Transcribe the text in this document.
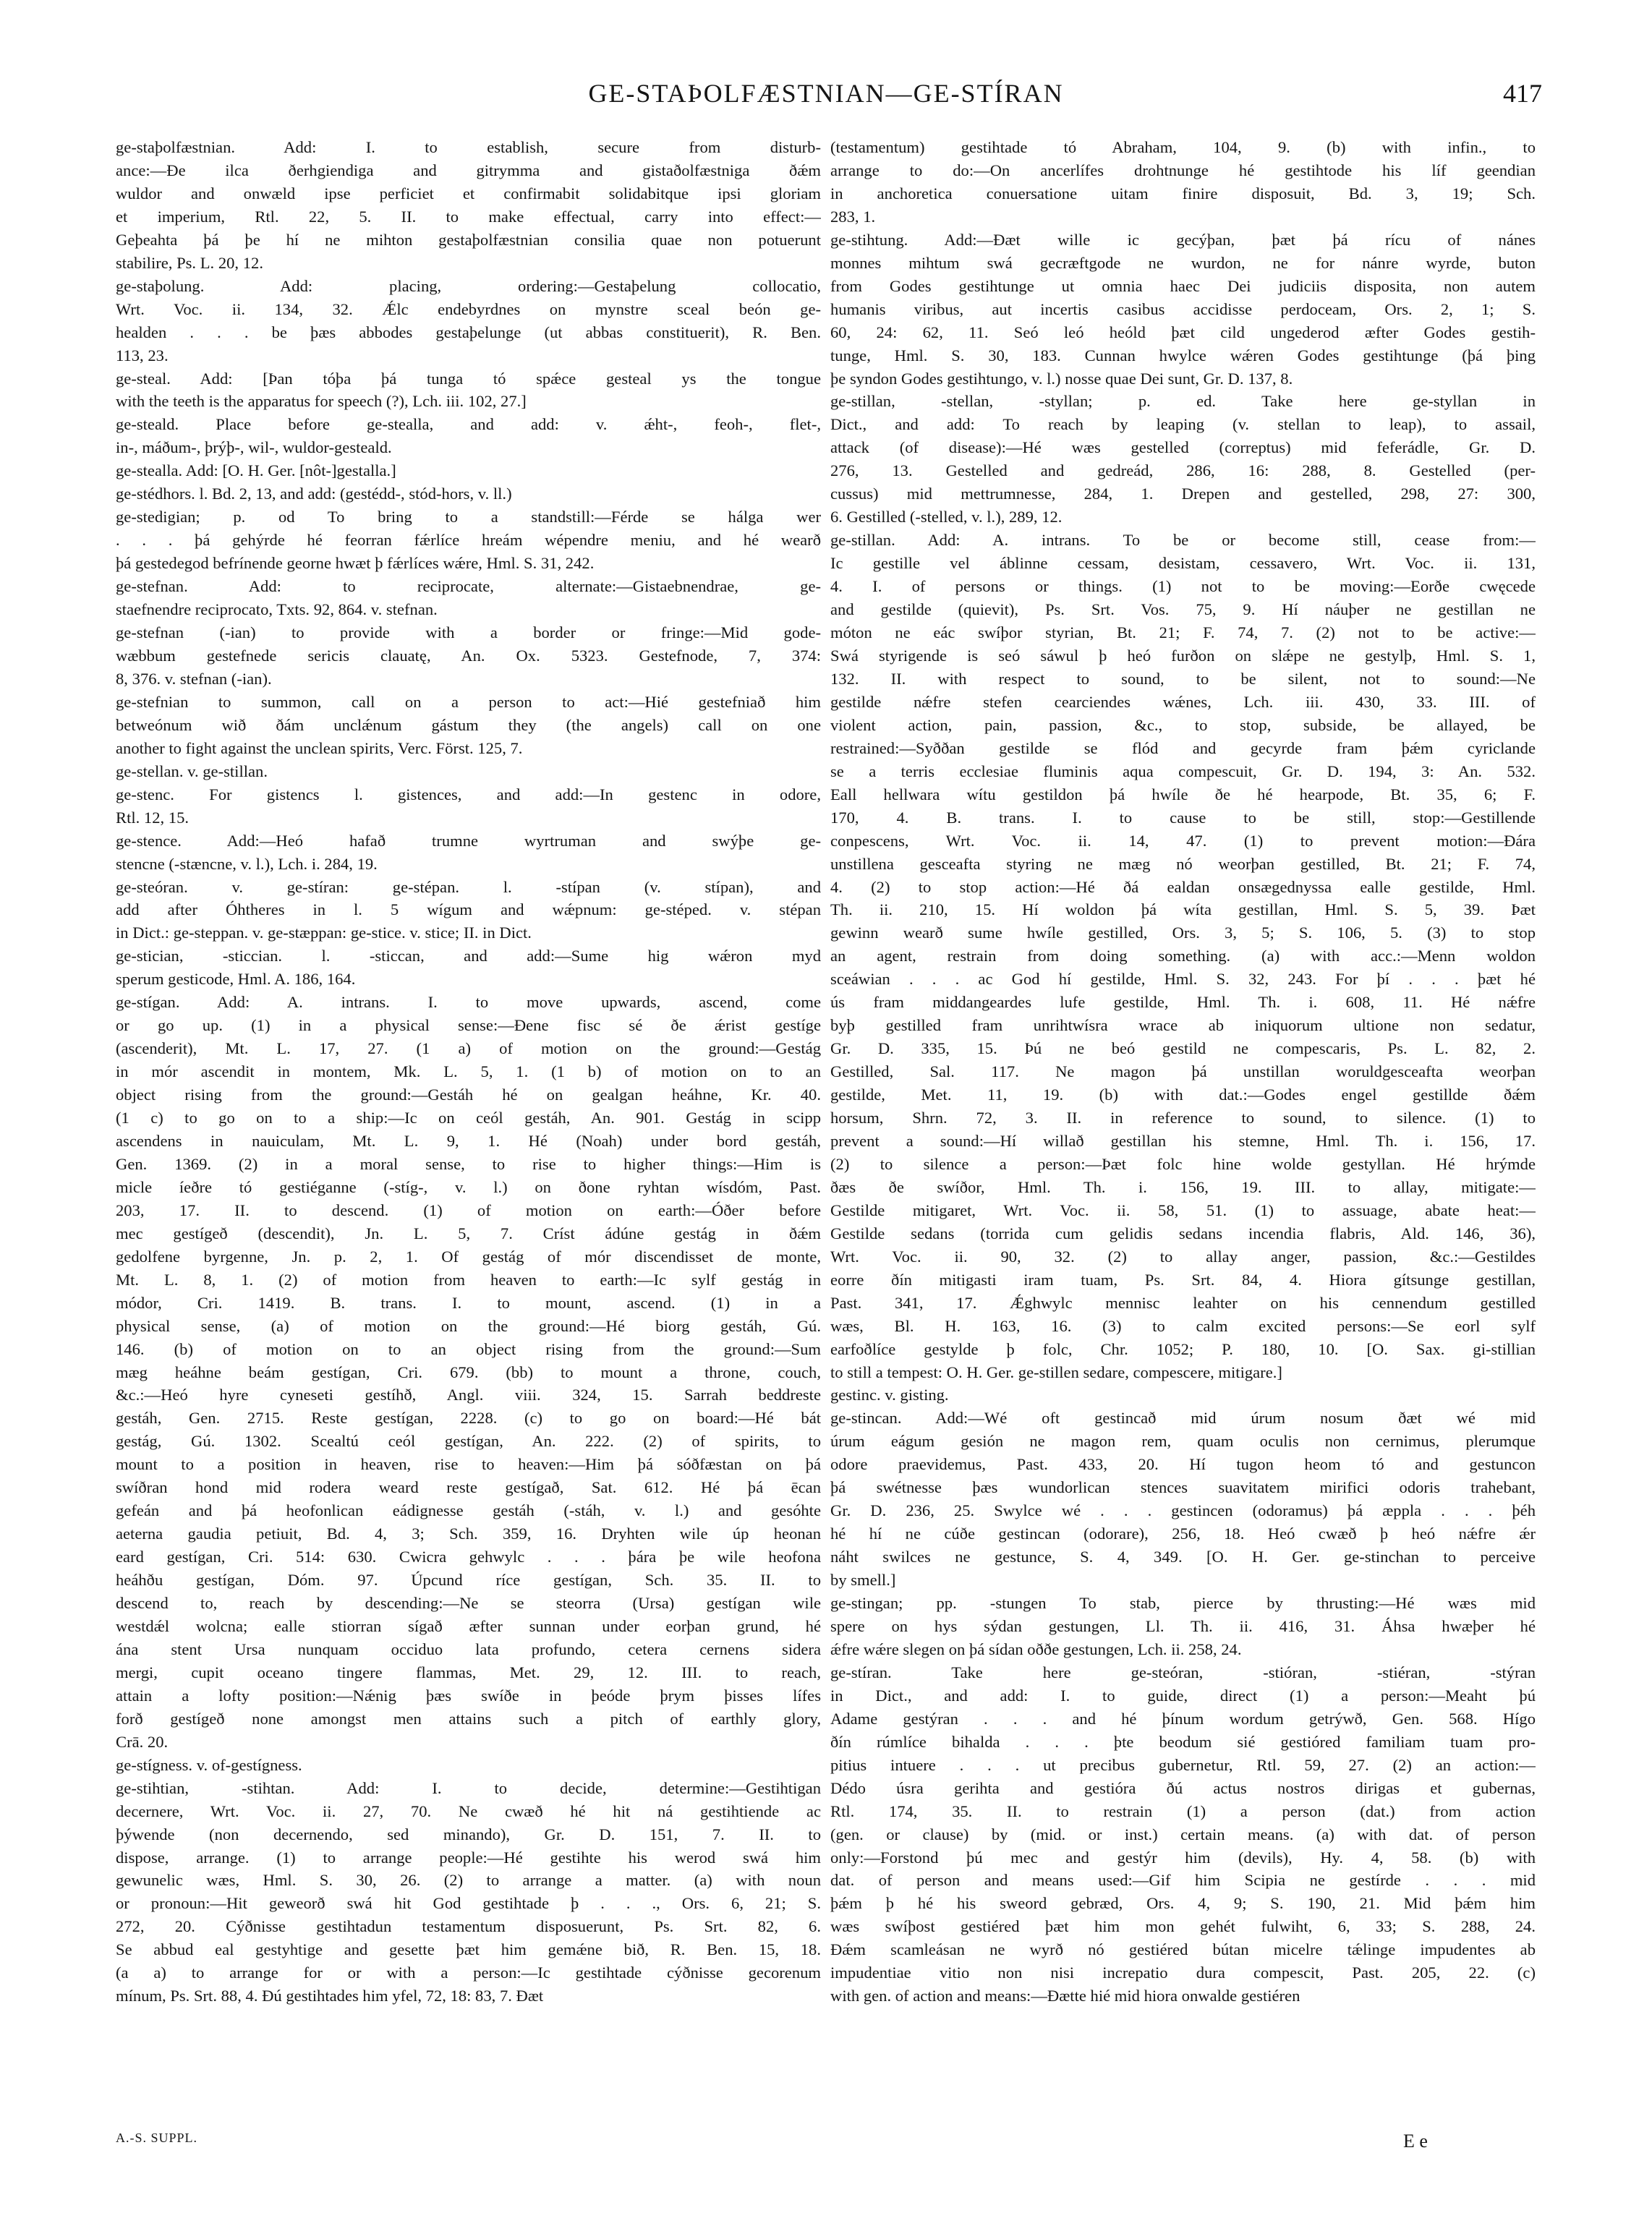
GE-STAÞOLFÆSTNIAN—GE-STÍRAN	417
ge-staþolfæstnian. Add: I. to establish, secure from disturb-
ance:—Ðe ilca ðerhgiendiga and gitrymma and gistaðolfæstniga ðǽm
wuldor and onwæld ipse perficiet et confirmabit solidabitque ipsi gloriam
et imperium, Rtl. 22, 5. II. to make effectual, carry into effect:—
Geþeahta þá þe hí ne mihton gestaþolfæstnian consilia quae non potuerunt
stabilire, Ps. L. 20, 12.
ge-staþolung. Add: placing, ordering:—Gestaþelung collocatio,
Wrt. Voc. ii. 134, 32. Ǽlc endebyrdnes on mynstre sceal beón ge-
healden . . . be þæs abbodes gestaþelunge (ut abbas constituerit), R. Ben.
113, 23.
ge-steal. Add: [Þan tóþa þá tunga tó spǽce gesteal ys the tongue
with the teeth is the apparatus for speech (?), Lch. iii. 102, 27.]
ge-steald. Place before ge-stealla, and add: v. ǽht-, feoh-, flet-,
in-, máðum-, þrýþ-, wil-, wuldor-gesteald.
ge-stealla. Add: [O. H. Ger. [nôt-]gestalla.]
ge-stédhors. l. Bd. 2, 13, and add: (gestédd-, stód-hors, v. ll.)
ge-stedigian; p. od To bring to a standstill:—Férde se hálga wer
. . . þá gehýrde hé feorran fǽrlíce hreám wépendre meniu, and hé wearð
þá gestedegod befrínende georne hwæt þ fǽrlíces wǽre, Hml. S. 31, 242.
ge-stefnan. Add: to reciprocate, alternate:—Gistaebnendrae, ge-
staefnendre reciprocato, Txts. 92, 864. v. stefnan.
ge-stefnan (-ian) to provide with a border or fringe:—Mid gode-
wæbbum gestefnede sericis clauatę, An. Ox. 5323. Gestefnode, 7, 374:
8, 376. v. stefnan (-ian).
ge-stefnian to summon, call on a person to act:—Hié gestefniað him
betweónum wið ðám unclǽnum gástum they (the angels) call on one
another to fight against the unclean spirits, Verc. Först. 125, 7.
ge-stellan. v. ge-stillan.
ge-stenc. For gistencs l. gistences, and add:—In gestenc in odore,
Rtl. 12, 15.
ge-stence. Add:—Heó hafað trumne wyrtruman and swýþe ge-
stencne (-stæncne, v. l.), Lch. i. 284, 19.
ge-steóran. v. ge-stíran: ge-stépan. l. -stípan (v. stípan), and
add after Óhtheres in l. 5 wígum and wǽpnum: ge-stéped. v. stépan
in Dict.: ge-steppan. v. ge-stæppan: ge-stice. v. stice; II. in Dict.
ge-stician, -sticcian. l. -sticcan, and add:—Sume hig wǽron myd
sperum gesticode, Hml. A. 186, 164.
ge-stígan. Add: A. intrans. I. to move upwards, ascend, come
or go up. (1) in a physical sense:—Ðene fisc sé ðe ǽrist gestíge
(ascenderit), Mt. L. 17, 27. (1 a) of motion on the ground:—Gestág
in mór ascendit in montem, Mk. L. 5, 1. (1 b) of motion on to an
object rising from the ground:—Gestáh hé on gealgan heáhne, Kr. 40.
(1 c) to go on to a ship:—Ic on ceól gestáh, An. 901. Gestág in scipp
ascendens in nauiculam, Mt. L. 9, 1. Hé (Noah) under bord gestáh,
Gen. 1369. (2) in a moral sense, to rise to higher things:—Him is
micle íeðre tó gestiéganne (-stíg-, v. l.) on ðone ryhtan wísdóm, Past.
203, 17. II. to descend. (1) of motion on earth:—Óðer before
mec gestígeð (descendit), Jn. L. 5, 7. Críst ádúne gestág in ðǽm
gedolfene byrgenne, Jn. p. 2, 1. Of gestág of mór discendisset de monte,
Mt. L. 8, 1. (2) of motion from heaven to earth:—Ic sylf gestág in
módor, Cri. 1419. B. trans. I. to mount, ascend. (1) in a
physical sense, (a) of motion on the ground:—Hé biorg gestáh, Gú.
146. (b) of motion on to an object rising from the ground:—Sum
mæg heáhne beám gestígan, Cri. 679. (bb) to mount a throne, couch,
&c.:—Heó hyre cyneseti gestíhð, Angl. viii. 324, 15. Sarrah beddreste
gestáh, Gen. 2715. Reste gestígan, 2228. (c) to go on board:—Hé bát
gestág, Gú. 1302. Scealtú ceól gestígan, An. 222. (2) of spirits, to
mount to a position in heaven, rise to heaven:—Him þá sóðfæstan on þá
swíðran hond mid rodera weard reste gestígað, Sat. 612. Hé þá ēcan
gefeán and þá heofonlican eádignesse gestáh (-stáh, v. l.) and gesóhte
aeterna gaudia petiuit, Bd. 4, 3; Sch. 359, 16. Dryhten wile úp heonan
eard gestígan, Cri. 514: 630. Cwicra gehwylc . . . þára þe wile heofona
heáhðu gestígan, Dóm. 97. Úpcund ríce gestígan, Sch. 35. II. to
descend to, reach by descending:—Ne se steorra (Ursa) gestígan wile
westdǽl wolcna; ealle stiorran sígað æfter sunnan under eorþan grund, hé
ána stent Ursa nunquam occiduo lata profundo, cetera cernens sidera
mergi, cupit oceano tingere flammas, Met. 29, 12. III. to reach,
attain a lofty position:—Nǽnig þæs swíðe in þeóde þrym þisses lífes
forð gestígeð none amongst men attains such a pitch of earthly glory,
Crā. 20.
ge-stígness. v. of-gestígness.
ge-stihtian, -stihtan. Add: I. to decide, determine:—Gestihtigan
decernere, Wrt. Voc. ii. 27, 70. Ne cwæð hé hit ná gestihtiende ac
þýwende (non decernendo, sed minando), Gr. D. 151, 7. II. to
dispose, arrange. (1) to arrange people:—Hé gestihte his werod swá him
gewunelic wæs, Hml. S. 30, 26. (2) to arrange a matter. (a) with noun
or pronoun:—Hit geweorð swá hit God gestihtade þ . . ., Ors. 6, 21; S.
272, 20. Cýðnisse gestihtadun testamentum disposuerunt, Ps. Srt. 82, 6.
Se abbud eal gestyhtige and gesette þæt him gemǽne bið, R. Ben. 15, 18.
(a a) to arrange for or with a person:—Ic gestihtade cýðnisse gecorenum
mínum, Ps. Srt. 88, 4. Ðú gestihtades him yfel, 72, 18: 83, 7. Ðæt
(testamentum) gestihtade tó Abraham, 104, 9. (b) with infin., to
arrange to do:—On ancerlífes drohtnunge hé gestihtode his líf geendian
in anchoretica conuersatione uitam finire disposuit, Bd. 3, 19; Sch.
283, 1.
ge-stihtung. Add:—Ðæt wille ic gecýþan, þæt þá rícu of nánes
monnes mihtum swá gecræftgode ne wurdon, ne for nánre wyrde, buton
from Godes gestihtunge ut omnia haec Dei judiciis disposita, non autem
humanis viribus, aut incertis casibus accidisse perdoceam, Ors. 2, 1; S.
60, 24: 62, 11. Seó leó heóld þæt cild ungederod æfter Godes gestih-
tunge, Hml. S. 30, 183. Cunnan hwylce wǽren Godes gestihtunge (þá þing
þe syndon Godes gestihtungo, v. l.) nosse quae Dei sunt, Gr. D. 137, 8.
ge-stillan, -stellan, -styllan; p. ed. Take here ge-styllan in
Dict., and add: To reach by leaping (v. stellan to leap), to assail,
attack (of disease):—Hé wæs gestelled (correptus) mid feferádle, Gr. D.
276, 13. Gestelled and gedreád, 286, 16: 288, 8. Gestelled (per-
cussus) mid mettrumnesse, 284, 1. Drepen and gestelled, 298, 27: 300,
6. Gestilled (-stelled, v. l.), 289, 12.
ge-stillan. Add: A. intrans. To be or become still, cease from:—
Ic gestille vel áblinne cessam, desistam, cessavero, Wrt. Voc. ii. 131,
4. I. of persons or things. (1) not to be moving:—Eorðe cwęcede
and gestilde (quievit), Ps. Srt. Vos. 75, 9. Hí náuþer ne gestillan ne
móton ne eác swíþor styrian, Bt. 21; F. 74, 7. (2) not to be active:—
Swá styrigende is seó sáwul þ heó furðon on slǽpe ne gestylþ, Hml. S. 1,
132. II. with respect to sound, to be silent, not to sound:—Ne
gestilde nǽfre stefen cearciendes wǽnes, Lch. iii. 430, 33. III. of
violent action, pain, passion, &c., to stop, subside, be allayed, be
restrained:—Syððan gestilde se flód and gecyrde fram þǽm cyriclande
se a terris ecclesiae fluminis aqua compescuit, Gr. D. 194, 3: An. 532.
Eall hellwara wítu gestildon þá hwíle ðe hé hearpode, Bt. 35, 6; F.
170, 4. B. trans. I. to cause to be still, stop:—Gestillende
conpescens, Wrt. Voc. ii. 14, 47. (1) to prevent motion:—Ðára
unstillena gesceafta styring ne mæg nó weorþan gestilled, Bt. 21; F. 74,
4. (2) to stop action:—Hé ðá ealdan onsægednyssa ealle gestilde, Hml.
Th. ii. 210, 15. Hí woldon þá wíta gestillan, Hml. S. 5, 39. Þæt
gewinn wearð sume hwíle gestilled, Ors. 3, 5; S. 106, 5. (3) to stop
an agent, restrain from doing something. (a) with acc.:—Menn woldon
sceáwian . . . ac God hí gestilde, Hml. S. 32, 243. For þí . . . þæt hé
ús fram middangeardes lufe gestilde, Hml. Th. i. 608, 11. Hé nǽfre
byþ gestilled fram unrihtwísra wrace ab iniquorum ultione non sedatur,
Gr. D. 335, 15. Þú ne beó gestild ne compescaris, Ps. L. 82, 2.
Gestilled, Sal. 117. Ne magon þá unstillan woruldgesceafta weorþan
gestilde, Met. 11, 19. (b) with dat.:—Godes engel gestillde ðǽm
horsum, Shrn. 72, 3. II. in reference to sound, to silence. (1) to
prevent a sound:—Hí willað gestillan his stemne, Hml. Th. i. 156, 17.
(2) to silence a person:—Þæt folc hine wolde gestyllan. Hé hrýmde
ðæs ðe swíðor, Hml. Th. i. 156, 19. III. to allay, mitigate:—
Gestilde mitigaret, Wrt. Voc. ii. 58, 51. (1) to assuage, abate heat:—
Gestilde sedans (torrida cum gelidis sedans incendia flabris, Ald. 146, 36),
Wrt. Voc. ii. 90, 32. (2) to allay anger, passion, &c.:—Gestildes
eorre ðín mitigasti iram tuam, Ps. Srt. 84, 4. Hiora gítsunge gestillan,
Past. 341, 17. Ǽghwylc mennisc leahter on his cennendum gestilled
wæs, Bl. H. 163, 16. (3) to calm excited persons:—Se eorl sylf
earfoðlíce gestylde þ folc, Chr. 1052; P. 180, 10. [O. Sax. gi-stillian
to still a tempest: O. H. Ger. ge-stillen sedare, compescere, mitigare.]
gestinc. v. gisting.
ge-stincan. Add:—Wé oft gestincað mid úrum nosum ðæt wé mid
úrum eágum gesión ne magon rem, quam oculis non cernimus, plerumque
odore praevidemus, Past. 433, 20. Hí tugon heom tó and gestuncon
þá swétnesse þæs wundorlican stences suavitatem mirifici odoris trahebant,
Gr. D. 236, 25. Swylce wé . . . gestincen (odoramus) þá æppla . . . þéh
hé hí ne cúðe gestincan (odorare), 256, 18. Heó cwæð þ heó nǽfre ǽr
náht swilces ne gestunce, S. 4, 349. [O. H. Ger. ge-stinchan to perceive
by smell.]
ge-stingan; pp. -stungen To stab, pierce by thrusting:—Hé wæs mid
spere on hys sýdan gestungen, Ll. Th. ii. 416, 31. Áhsa hwæþer hé
ǽfre wǽre slegen on þá sídan oððe gestungen, Lch. ii. 258, 24.
ge-stíran. Take here ge-steóran, -stióran, -stiéran, -stýran
in Dict., and add: I. to guide, direct (1) a person:—Meaht þú
Adame gestýran . . . and hé þínum wordum getrýwð, Gen. 568. Hígo
ðín rúmlíce bihalda . . . þte beodum sié gestióred familiam tuam pro-
pitius intuere . . . ut precibus gubernetur, Rtl. 59, 27. (2) an action:—
Dédo úsra gerihta and gestióra ðú actus nostros dirigas et gubernas,
Rtl. 174, 35. II. to restrain (1) a person (dat.) from action
(gen. or clause) by (mid. or inst.) certain means. (a) with dat. of person
only:—Forstond þú mec and gestýr him (devils), Hy. 4, 58. (b) with
dat. of person and means used:—Gif him Scipia ne gestírde . . . mid
þǽm þ hé his sweord gebræd, Ors. 4, 9; S. 190, 21. Mid þǽm him
wæs swíþost gestiéred þæt him mon gehét fulwiht, 6, 33; S. 288, 24.
Ðǽm scamleásan ne wyrð nó gestiéred bútan micelre tǽlinge impudentes ab
impudentiae vitio non nisi increpatio dura compescit, Past. 205, 22. (c)
with gen. of action and means:—Ðætte hié mid hiora onwalde gestiéren
A.-S. SUPPL.	E e
